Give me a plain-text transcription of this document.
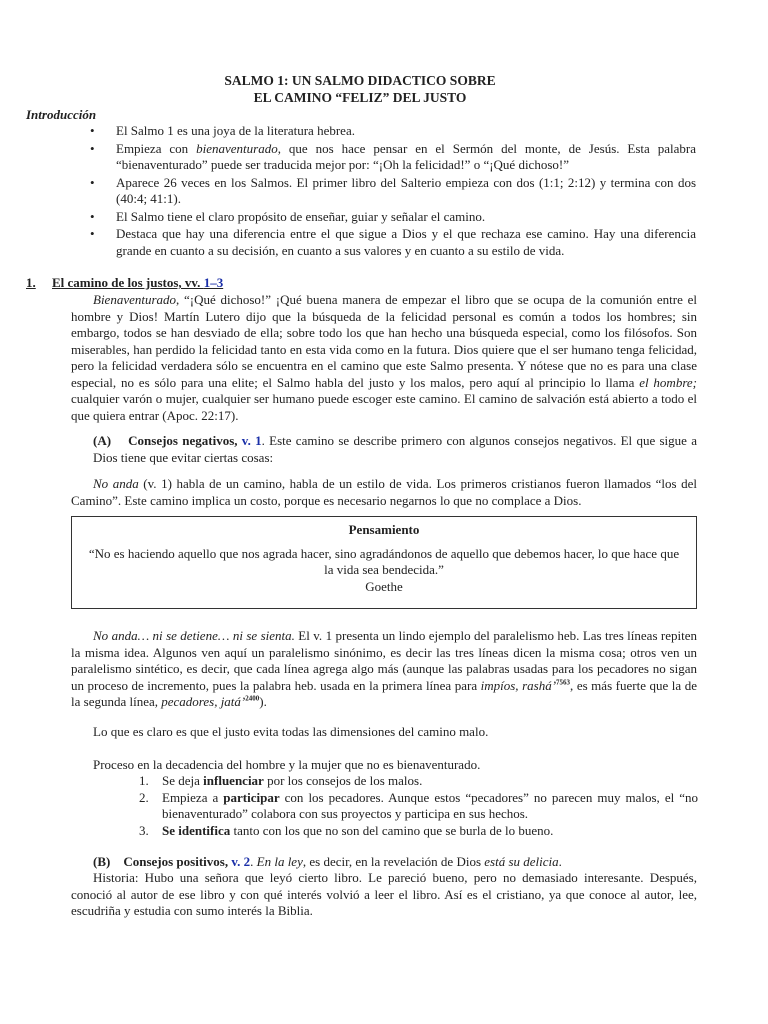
SALMO 1: UN SALMO DIDACTICO SOBRE
EL CAMINO “FELIZ” DEL JUSTO
Introducción
• El Salmo 1 es una joya de la literatura hebrea.
• Empieza con bienaventurado, que nos hace pensar en el Sermón del monte, de Jesús. Esta palabra “bienaventurado” puede ser traducida mejor por: “¡Oh la felicidad!” o “¡Qué dichoso!”
• Aparece 26 veces en los Salmos. El primer libro del Salterio empieza con dos (1:1; 2:12) y termina con dos (40:4; 41:1).
• El Salmo tiene el claro propósito de enseñar, guiar y señalar el camino.
• Destaca que hay una diferencia entre el que sigue a Dios y el que rechaza ese camino. Hay una diferencia grande en cuanto a su decisión, en cuanto a sus valores y en cuanto a su estilo de vida.
1. El camino de los justos, vv. 1–3

Bienaventurado, “¡Qué dichoso!” ¡Qué buena manera de empezar el libro que se ocupa de la comunión entre el hombre y Dios! Martín Lutero dijo que la búsqueda de la felicidad personal es común a todos los hombres; sin embargo, todos se han desviado de ella; sobre todo los que han hecho una búsqueda especial, como los filósofos. Son miserables, han perdido la felicidad tanto en esta vida como en la futura. Dios quiere que el ser humano tenga felicidad, pero la felicidad verdadera sólo se encuentra en el camino que este Salmo presenta. Y nótese que no es para una clase especial, no es sólo para una elite; el Salmo habla del justo y los malos, pero aquí al principio lo llama el hombre; cualquier varón o mujer, cualquier ser humano puede escoger este camino. El camino de salvación está abierto a todo el que quiera entrar (Apoc. 22:17).

(A) Consejos negativos, v. 1. Este camino se describe primero con algunos consejos negativos. El que sigue a Dios tiene que evitar ciertas cosas:

No anda (v. 1) habla de un camino, habla de un estilo de vida. Los primeros cristianos fueron llamados “los del Camino”. Este camino implica un costo, porque es necesario negarnos lo que no complace a Dios.

Pensamiento
“No es haciendo aquello que nos agrada hacer, sino agradándonos de aquello que debemos hacer, lo que hace que la vida sea bendecida.”
Goethe

No anda… ni se detiene… ni se sienta. El v. 1 presenta un lindo ejemplo del paralelismo heb. Las tres líneas repiten la misma idea. Algunos ven aquí un paralelismo sinónimo, es decir las tres líneas dicen la misma cosa; otros ven un paralelismo sintético, es decir, que cada línea agrega algo más (aunque las palabras usadas para los pecadores no sigan un proceso de incremento, pues la palabra heb. usada en la primera línea para impíos, rashá’$^{7563}$, es más fuerte que la de la segunda línea, pecadores, jatá’$^{2400}$).

Lo que es claro es que el justo evita todas las dimensiones del camino malo.

Proceso en la decadencia del hombre y la mujer que no es bienaventurado.

1. Se deja influenciar por los consejos de los malos.
2. Empieza a participar con los pecadores. Aunque estos “pecadores” no parecen muy malos, el “no bienaventurado” colabora con sus proyectos y participa en sus hechos.
3. Se identifica tanto con los que no son del camino que se burla de lo bueno.

(B) Consejos positivos, v. 2. En la ley, es decir, en la revelación de Dios está su delicia.

Historia: Hubo una señora que leyó cierto libro. Le pareció bueno, pero no demasiado interesante. Después, conoció al autor de ese libro y con qué interés volvió a leer el libro. Así es el cristiano, ya que conoce al autor, lee, escudriña y estudia con sumo interés la Biblia.
